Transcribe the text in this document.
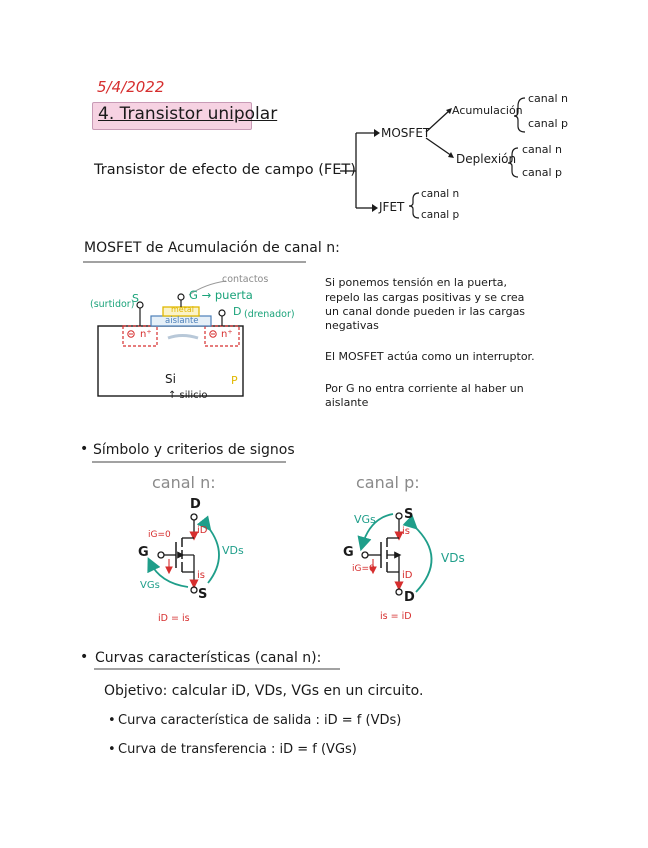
5/4/2022
4. Transistor unipolar
Transistor de efecto de campo (FET)
MOSFET
JFET
Acumulación
Deplexión
canal n
canal p
canal n
canal p
canal n
canal p
MOSFET de Acumulación de canal n:
contactos
G → puerta
S
D
(surtidor)
(drenador)
metal
aislante
n⁺	n⁺
Si	P
↑ silicio
Si ponemos tensión en la puerta,
repelo las cargas positivas y se crea
un canal donde pueden ir las cargas
negativas
El MOSFET actúa como un interruptor.
Por G no entra corriente al haber un
aislante
• Símbolo y criterios de signos
canal n:	canal p:
D
G
S
iD
is
iG=0
VDs
VGs
iD = is
S
G
D
is
iD
iG=0
VDs
VGs
is = iD
• Curvas características (canal n):
Objetivo: calcular iD, VDs, VGs en un circuito.
• Curva característica de salida : iD = f (VDs)
• Curva de transferencia : iD = f (VGs)
